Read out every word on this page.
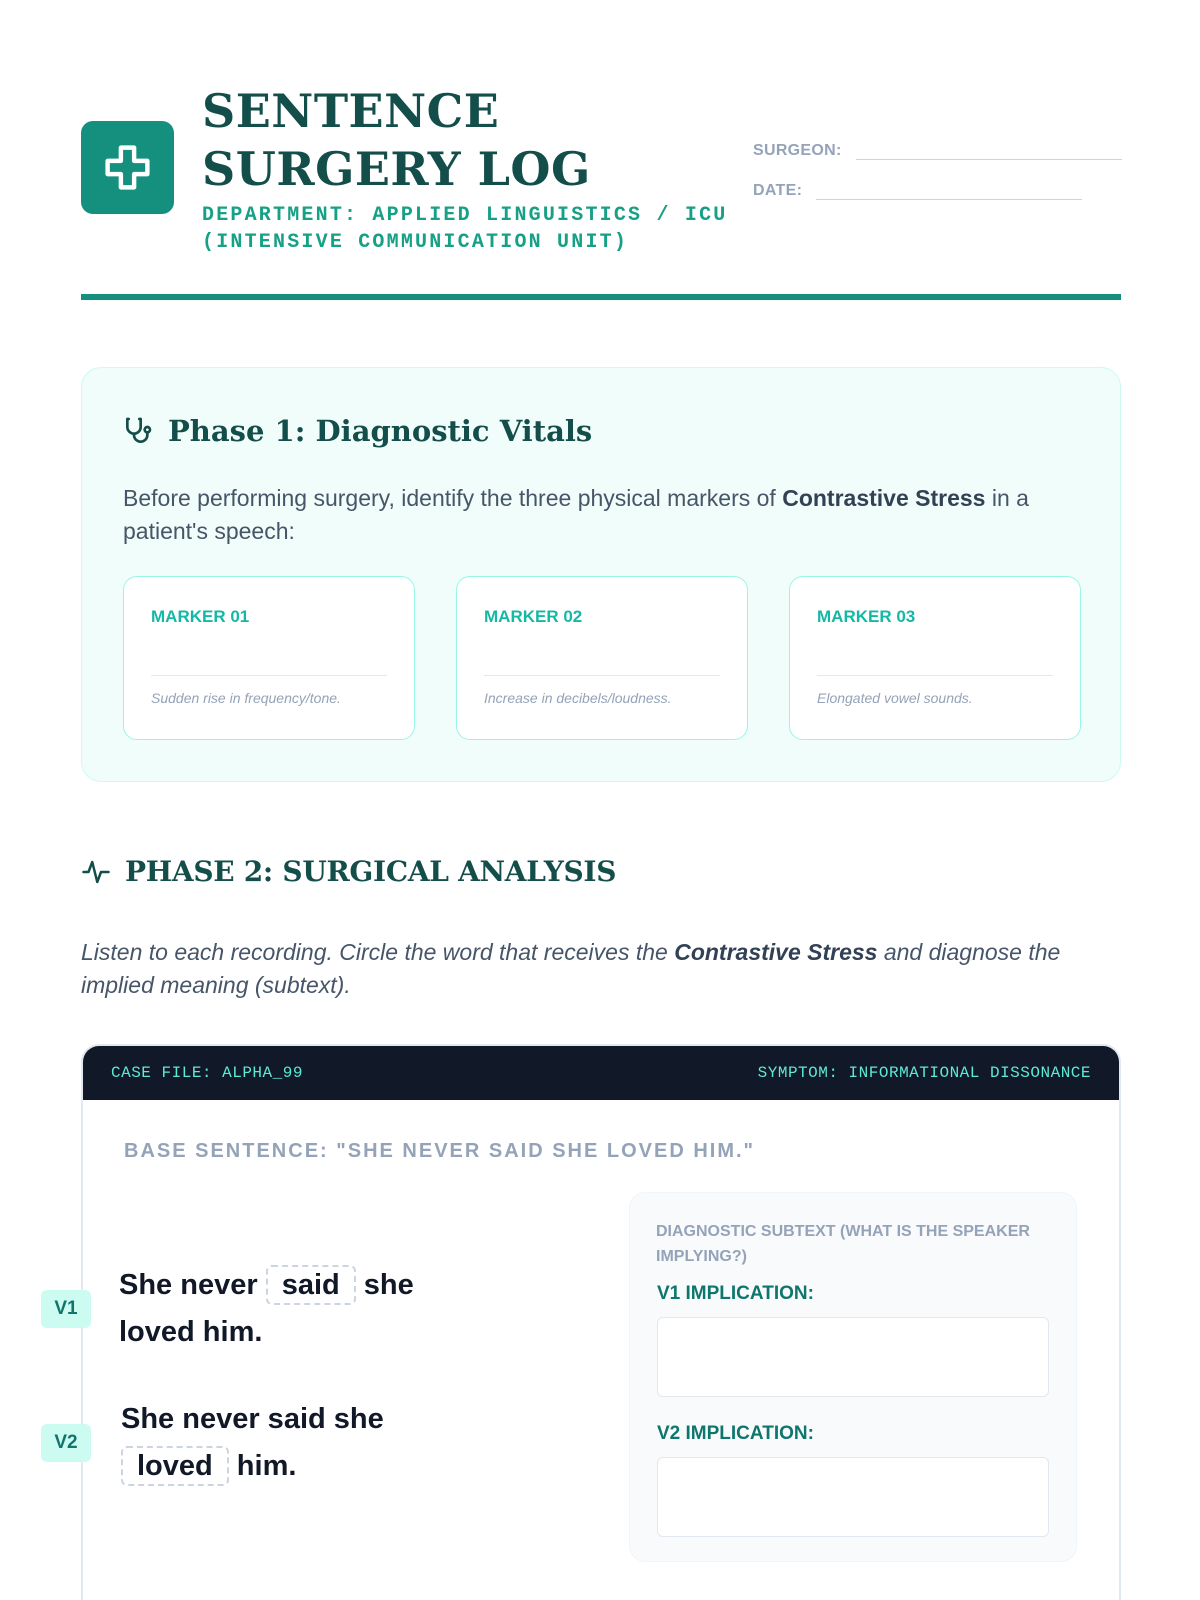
SENTENCE SURGERY LOG
DEPARTMENT: APPLIED LINGUISTICS / ICU (INTENSIVE COMMUNICATION UNIT)
SURGEON:
DATE:
Phase 1: Diagnostic Vitals

Before performing surgery, identify the three physical markers of Contrastive Stress in a patient's speech:

MARKER 01
Sudden rise in frequency/tone.
MARKER 02
Increase in decibels/loudness.
MARKER 03
Elongated vowel sounds.
PHASE 2: SURGICAL ANALYSIS

Listen to each recording. Circle the word that receives the Contrastive Stress and diagnose the implied meaning (subtext).

CASE FILE: ALPHA_99	SYMPTOM: INFORMATIONAL DISSONANCE
BASE SENTENCE: "SHE NEVER SAID SHE LOVED HIM."
V1
She never said she loved him.
V2
She never said she loved him.
DIAGNOSTIC SUBTEXT (WHAT IS THE SPEAKER IMPLYING?)
V1 IMPLICATION:
V2 IMPLICATION:
